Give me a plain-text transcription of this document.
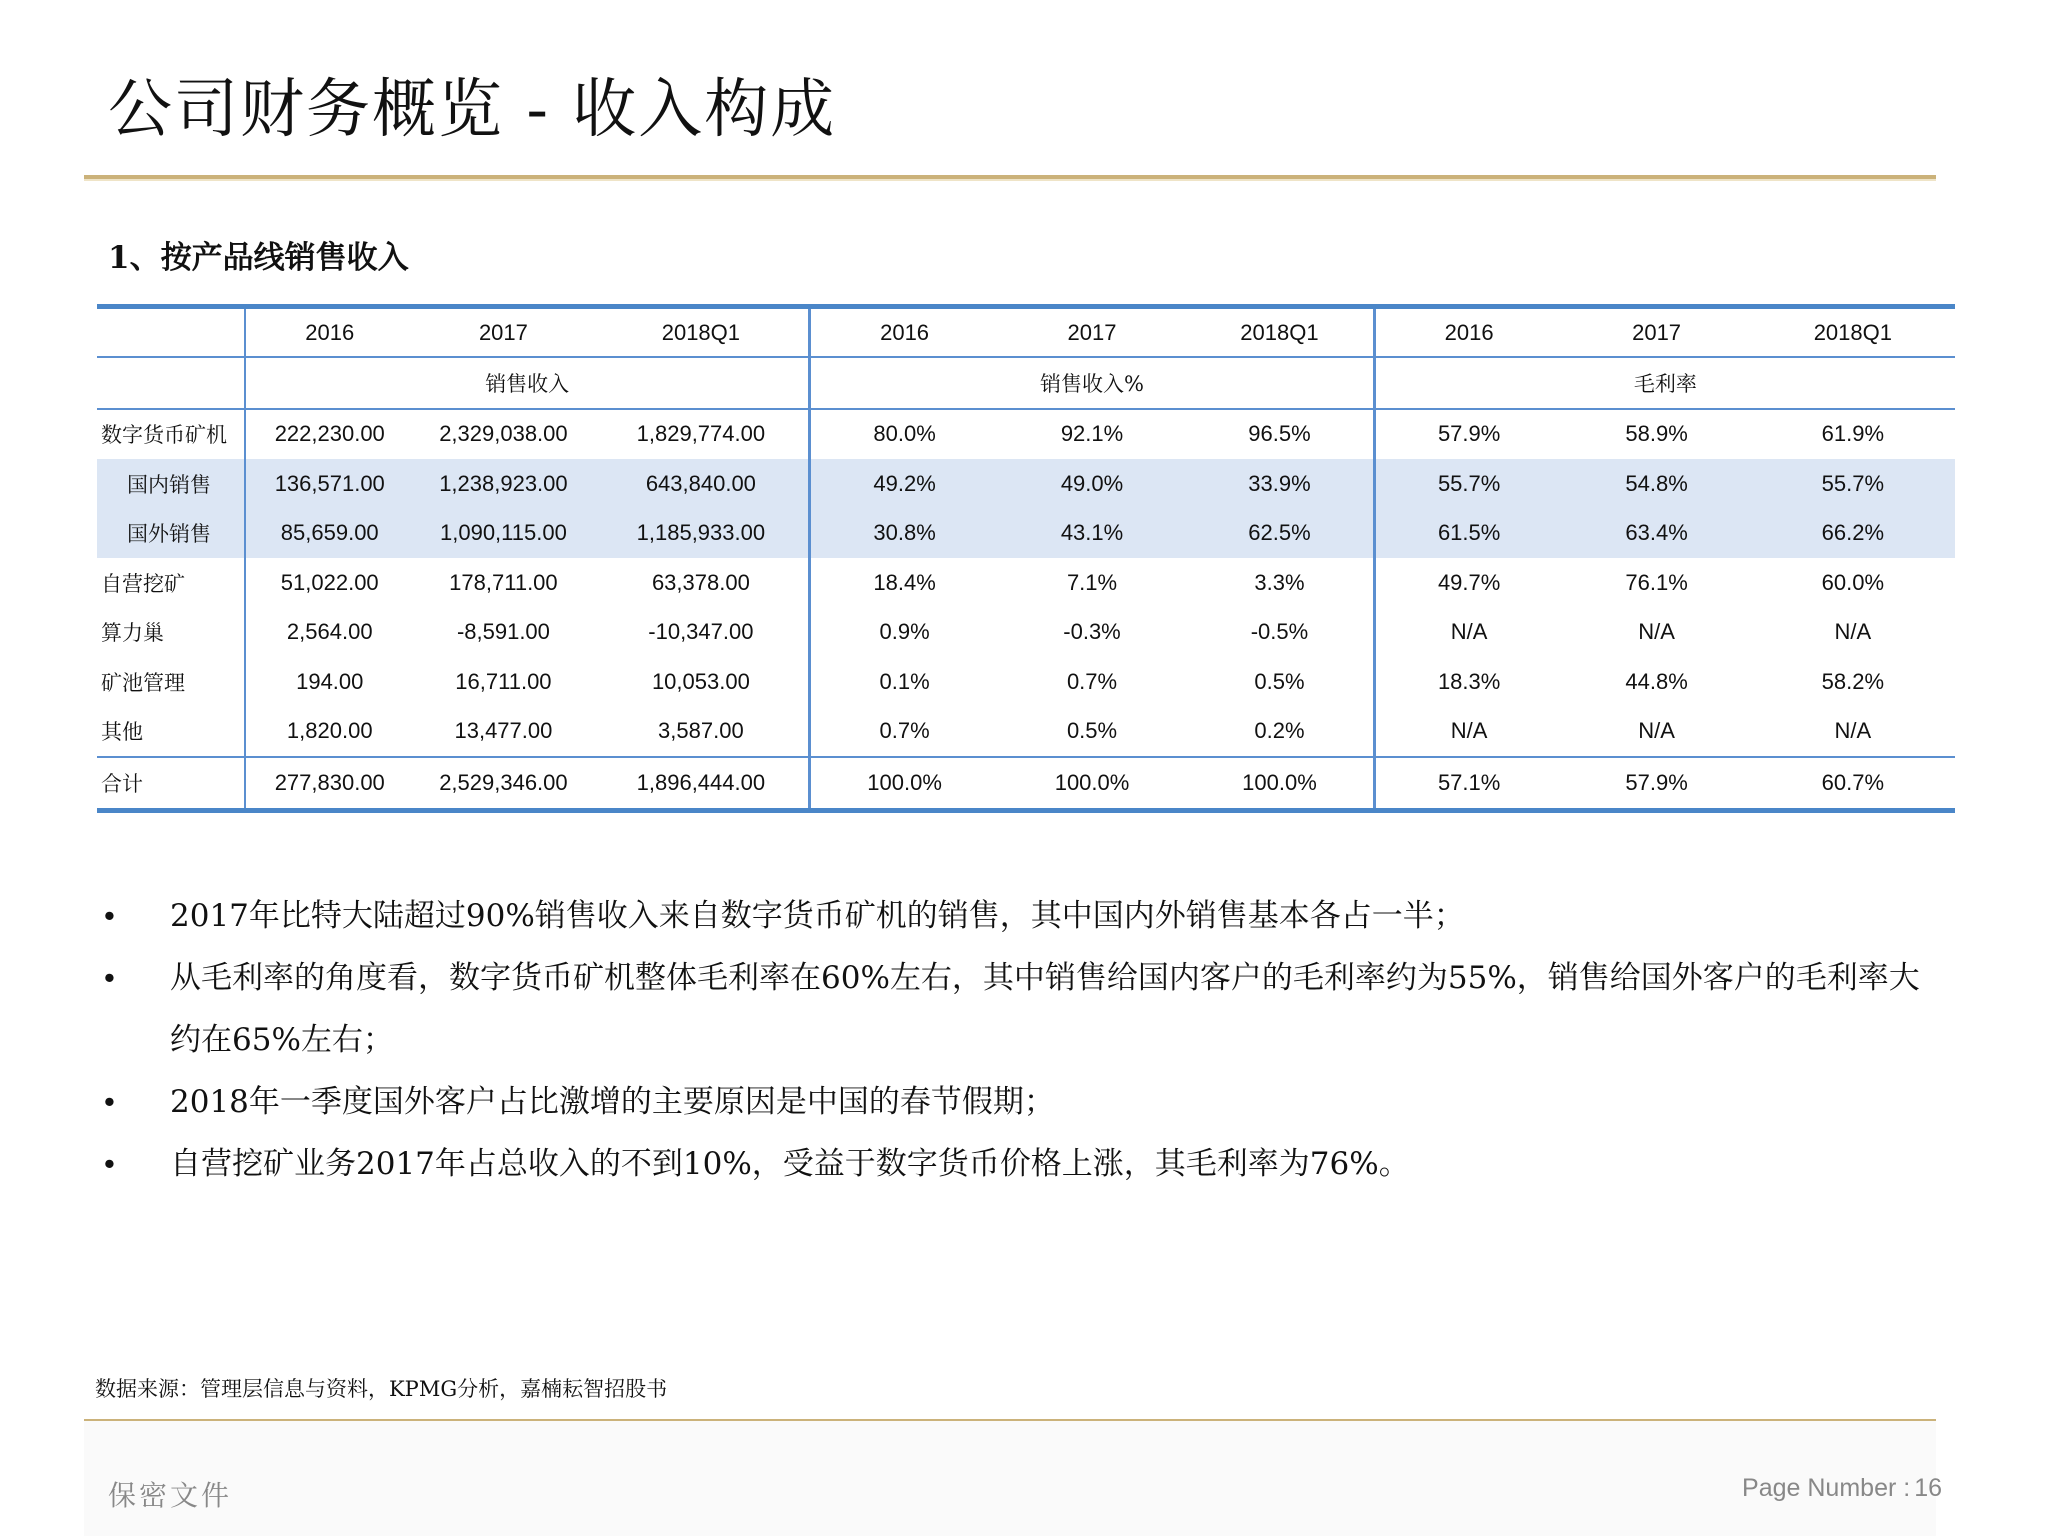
公司财务概览 - 收入构成
1、按产品线销售收入
	2016	2017	2018Q1	2016	2017	2018Q1	2016	2017	2018Q1
	销售收入			销售收入%			毛利率		
数字货币矿机	222,230.00	2,329,038.00	1,829,774.00	80.0%	92.1%	96.5%	57.9%	58.9%	61.9%
国内销售	136,571.00	1,238,923.00	643,840.00	49.2%	49.0%	33.9%	55.7%	54.8%	55.7%
国外销售	85,659.00	1,090,115.00	1,185,933.00	30.8%	43.1%	62.5%	61.5%	63.4%	66.2%
自营挖矿	51,022.00	178,711.00	63,378.00	18.4%	7.1%	3.3%	49.7%	76.1%	60.0%
算力巢	2,564.00	-8,591.00	-10,347.00	0.9%	-0.3%	-0.5%	N/A	N/A	N/A
矿池管理	194.00	16,711.00	10,053.00	0.1%	0.7%	0.5%	18.3%	44.8%	58.2%
其他	1,820.00	13,477.00	3,587.00	0.7%	0.5%	0.2%	N/A	N/A	N/A
合计	277,830.00	2,529,346.00	1,896,444.00	100.0%	100.0%	100.0%	57.1%	57.9%	60.7%
• 2017年比特大陆超过90%销售收入来自数字货币矿机的销售，其中国内外销售基本各占一半；
• 从毛利率的角度看，数字货币矿机整体毛利率在60%左右，其中销售给国内客户的毛利率约为55%，销售给国外客户的毛利率大约在65%左右；
• 2018年一季度国外客户占比激增的主要原因是中国的春节假期；
• 自营挖矿业务2017年占总收入的不到10%，受益于数字货币价格上涨，其毛利率为76%。
数据来源：管理层信息与资料，KPMG分析，嘉楠耘智招股书
保密文件	Page Number : 16
